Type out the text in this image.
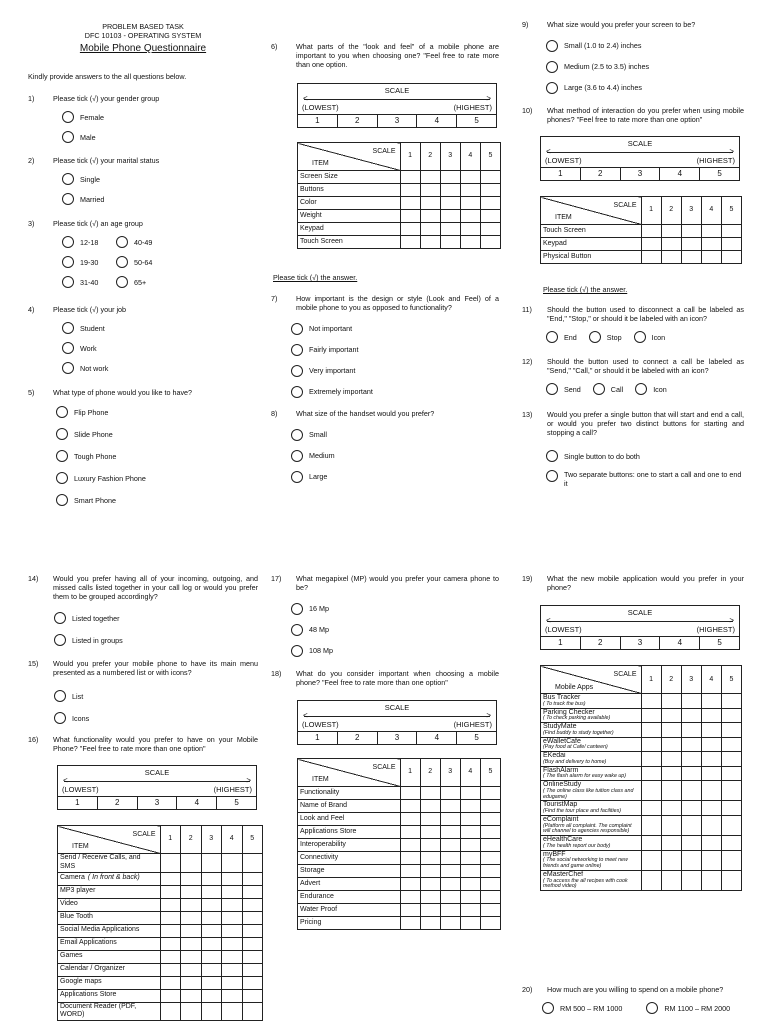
PROBLEM BASED TASK
DFC 10103 - OPERATING SYSTEM
Mobile Phone Questionnaire
Kindly provide answers to the all questions below.
1)	Please tick (√) your gender group
Female
Male
2)	Please tick (√) your marital status
Single
Married
3)	Please tick (√) an age group
12-18	40-49
19-30	50-64
31-40	65+
4)	Please tick (√) your job
Student
Work
Not work
5)	What type of phone would you like to have?
Flip Phone
Slide Phone
Tough Phone
Luxury Fashion Phone
Smart Phone
6)	What parts of the "look and feel" of a mobile phone are important to you when choosing one? "Feel free to rate more than one option.
SCALE
<	>
(LOWEST)	(HIGHEST)
1	2	3	4	5
SCALE
ITEM	1	2	3	4	5
Screen Size					
Buttons					
Color					
Weight					
Keypad					
Touch Screen					
Please tick (√) the answer.
7)	How important is the design or style (Look and Feel) of a mobile phone to you as opposed to functionality?
Not important
Fairly important
Very important
Extremely important
8)	What size of the handset would you prefer?
Small
Medium
Large
9)	What size would you prefer your screen to be?
Small (1.0 to 2.4) inches
Medium (2.5 to 3.5) inches
Large (3.6 to 4.4) inches
10)	What method of interaction do you prefer when using mobile phones? "Feel free to rate more than one option"
SCALE
<	>
(LOWEST)	(HIGHEST)
1	2	3	4	5
SCALE
ITEM	1	2	3	4	5
Touch Screen					
Keypad					
Physical Button					
Please tick (√) the answer.
11)	Should the button used to disconnect a call be labeled as "End," "Stop," or should it be labeled with an icon?
End	Stop	Icon
12)	Should the button used to connect a call be labeled as "Send," "Call," or should it be labeled with an icon?
Send	Call	Icon
13)	Would you prefer a single button that will start and end a call, or would you prefer two distinct buttons for starting and stopping a call?
Single button to do both
Two separate buttons: one to start a call and one to end it
14)	Would you prefer having all of your incoming, outgoing, and missed calls listed together in your call log or would you prefer them to be grouped accordingly?
Listed together
Listed in groups
15)	Would you prefer your mobile phone to have its main menu presented as a numbered list or with icons?
List
Icons
16)	What functionality would you prefer to have on your Mobile Phone? "Feel free to rate more than one option"
SCALE
<	>
(LOWEST)	(HIGHEST)
1	2	3	4	5
SCALE
ITEM	1	2	3	4	5
Send / Receive Calls, and SMS					
Camera ( In front & back)					
MP3 player					
Video					
Blue Tooth					
Social Media Applications					
Email Applications					
Games					
Calendar / Organizer					
Google maps					
Applications Store					
Document Reader (PDF, WORD)					
17)	What megapixel (MP) would you prefer your camera phone to be?
16 Mp
48 Mp
108 Mp
18)	What do you consider important when choosing a mobile phone? "Feel free to rate more than one option"
SCALE
<	>
(LOWEST)	(HIGHEST)
1	2	3	4	5
SCALE
ITEM	1	2	3	4	5
Functionality					
Name of Brand					
Look and Feel					
Applications Store					
Interoperability					
Connectivity					
Storage					
Advert					
Endurance					
Water Proof					
Pricing					
19)	What the new mobile application would you prefer in your phone?
SCALE
<	>
(LOWEST)	(HIGHEST)
1	2	3	4	5
SCALE
Mobile Apps	1	2	3	4	5

Bus Tracker
( To track the bus)					

Parking Checker
( To check parking available)					

StudyMate
(Find buddy to study together)					

eWalletCafe
(Pay food at Cafe/ canteen)					

EKedai
(Buy and delivery to home)					

FlashAlarm
( The flash alarm for easy wake up)					

OnlineStudy
( The online class like tuition class and edugame)					

TouristMap
(Find the tour place and facilities)					

eComplaint
(Platform all complaint. The complaint will channel to agencies responsible)					

eHealthCare
( The health report our body)					

myBFF
( The social networking to meet new friends and game online)					

eMasterChef
( To access the all recipes with cook method video)					

20)	How much are you willing to spend on a mobile phone?
RM 500 – RM 1000	RM 1100 – RM 2000
